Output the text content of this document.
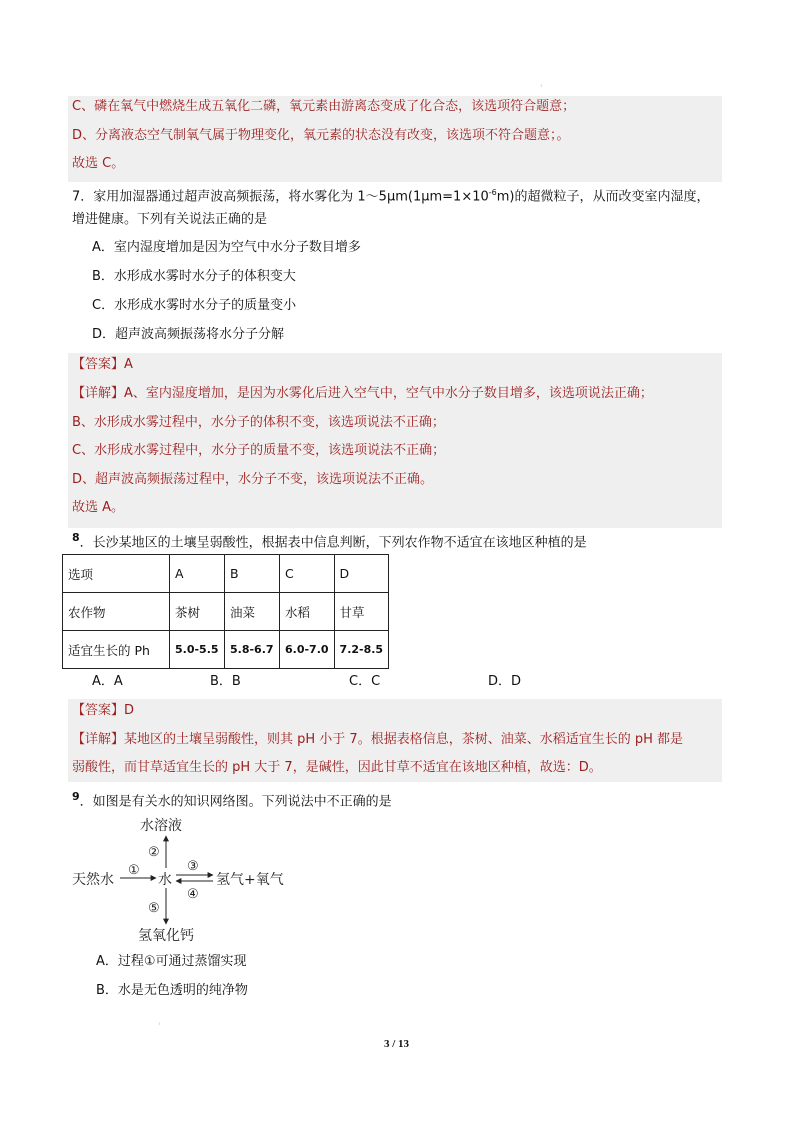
'
C、磷在氧气中燃烧生成五氧化二磷，氧元素由游离态变成了化合态，该选项符合题意；
D、分离液态空气制氧气属于物理变化，氧元素的状态没有改变，该选项不符合题意；。
故选 C。
7．家用加湿器通过超声波高频振荡，将水雾化为 $1\sim 5\mu m(1\mu m=1\times 10^{-6}m)$的超微粒子，从而改变室内湿度，
增进健康。下列有关说法正确的是
A．室内湿度增加是因为空气中水分子数目增多
B．水形成水雾时水分子的体积变大
C．水形成水雾时水分子的质量变小
D．超声波高频振荡将水分子分解
【答案】A
【详解】A、室内湿度增加，是因为水雾化后进入空气中，空气中水分子数目增多，该选项说法正确；
B、水形成水雾过程中，水分子的体积不变，该选项说法不正确；
C、水形成水雾过程中，水分子的质量不变，该选项说法不正确；
D、超声波高频振荡过程中，水分子不变，该选项说法不正确。
故选 A。
$^8$．长沙某地区的土壤呈弱酸性，根据表中信息判断，下列农作物不适宜在该地区种植的是
选项	A	B	C	D
农作物	茶树	油菜	水稻	甘草
适宜生长的 Ph	5.0-5.5	5.8-6.7	6.0-7.0	7.2-8.5
A．A	B．B	C．C	D．D
【答案】D
【详解】某地区的土壤呈弱酸性，则其 pH 小于 7。根据表格信息，茶树、油菜、水稻适宜生长的 pH 都是
弱酸性，而甘草适宜生长的 pH 大于 7，是碱性，因此甘草不适宜在该地区种植，故选：D。
$^9$．如图是有关水的知识网络图。下列说法中不正确的是
水溶液
天然水	水	氢气+氧气
氢氧化钙
①
②
③
④
⑤
A．过程①可通过蒸馏实现
B．水是无色透明的纯净物
'
3 / 13
